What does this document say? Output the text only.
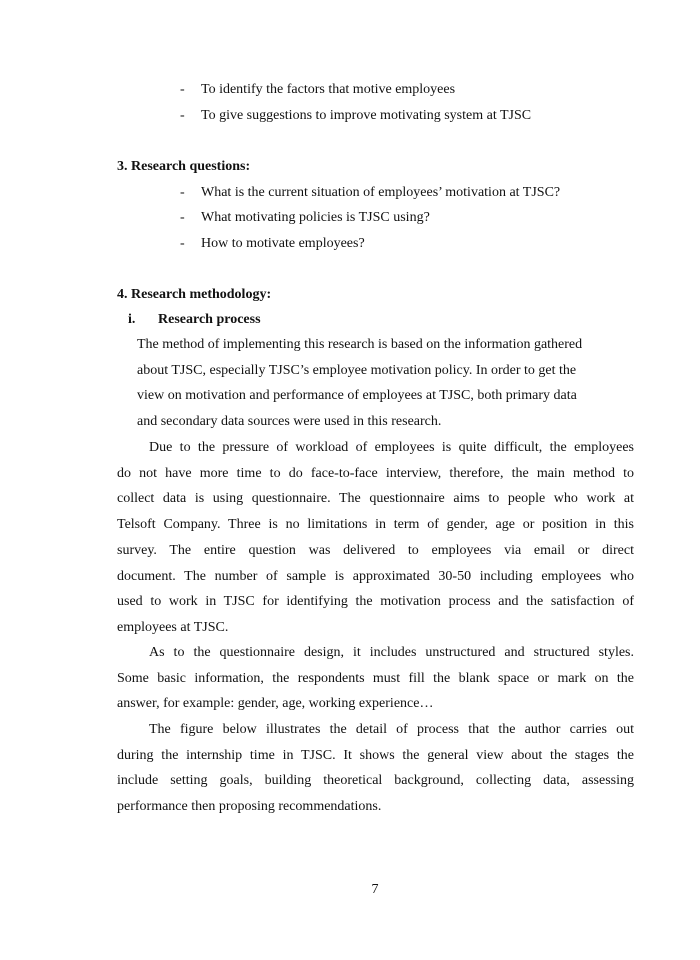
- To identify the factors that motive employees
- To give suggestions to improve motivating system at TJSC
3. Research questions:
- What is the current situation of employees’ motivation at TJSC?
- What motivating policies is TJSC using?
- How to motivate employees?
4. Research methodology:
i. Research process
The method of implementing this research is based on the information gathered
about TJSC, especially TJSC’s employee motivation policy. In order to get the
view on motivation and performance of employees at TJSC, both primary data
and secondary data sources were used in this research.
Due to the pressure of workload of employees is quite difficult, the employees
do not have more time to do face-to-face interview, therefore, the main method to
collect data is using questionnaire. The questionnaire aims to people who work at
Telsoft Company. Three is no limitations in term of gender, age or position in this
survey. The entire question was delivered to employees via email or direct
document. The number of sample is approximated 30-50 including employees who
used to work in TJSC for identifying the motivation process and the satisfaction of
employees at TJSC.
As to the questionnaire design, it includes unstructured and structured styles.
Some basic information, the respondents must fill the blank space or mark on the
answer, for example: gender, age, working experience…
The figure below illustrates the detail of process that the author carries out
during the internship time in TJSC. It shows the general view about the stages the
include setting goals, building theoretical background, collecting data, assessing
performance then proposing recommendations.
7
